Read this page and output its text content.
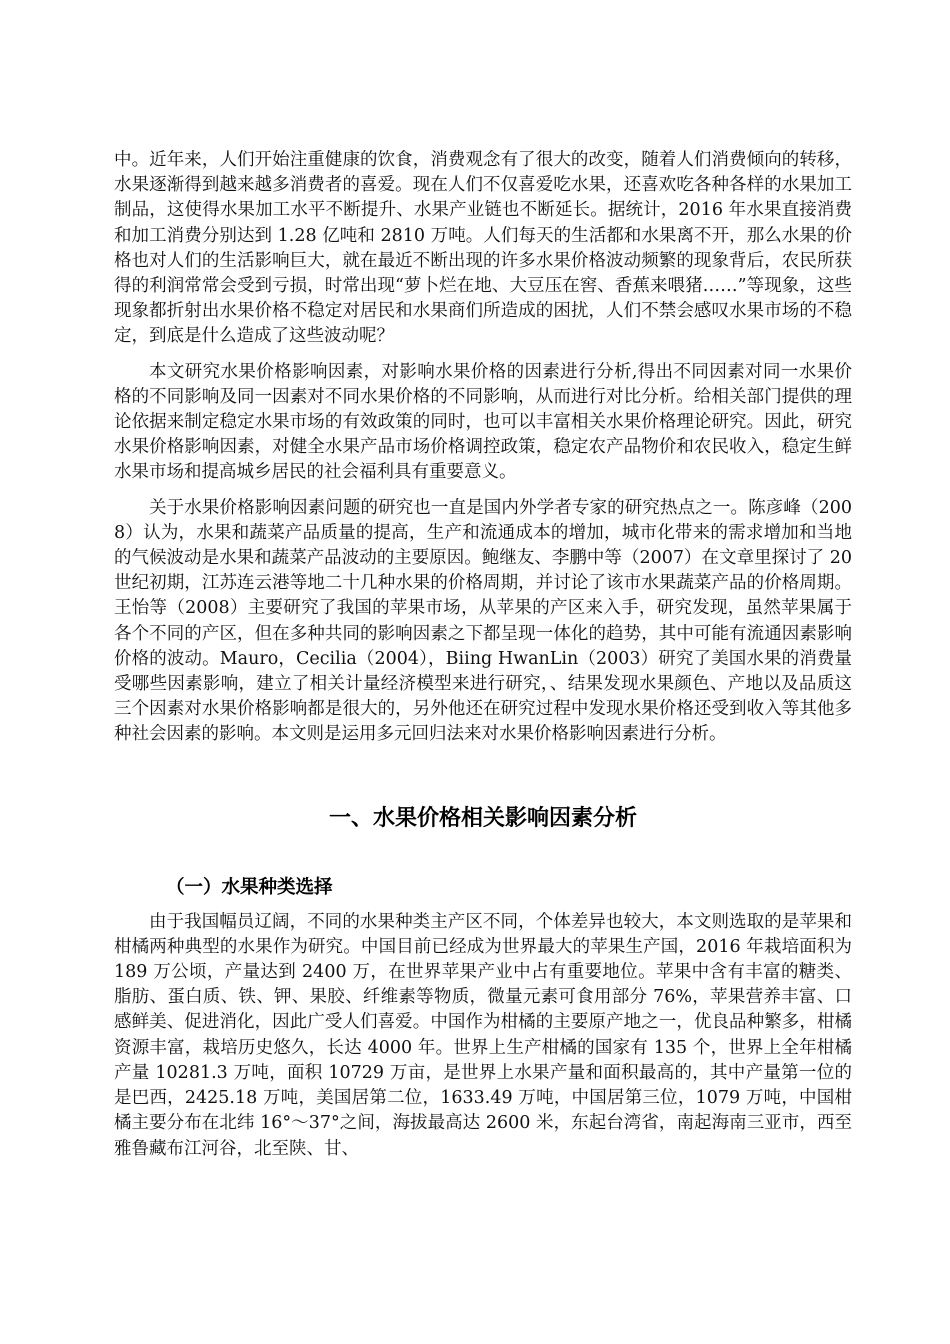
中。近年来，人们开始注重健康的饮食，消费观念有了很大的改变，随着人们消费倾向的转移，水果逐渐得到越来越多消费者的喜爱。现在人们不仅喜爱吃水果，还喜欢吃各种各样的水果加工制品，这使得水果加工水平不断提升、水果产业链也不断延长。据统计，2016 年水果直接消费和加工消费分别达到 1.28 亿吨和 2810 万吨。人们每天的生活都和水果离不开，那么水果的价格也对人们的生活影响巨大，就在最近不断出现的许多水果价格波动频繁的现象背后，农民所获得的利润常常会受到亏损，时常出现“萝卜烂在地、大豆压在窖、香蕉来喂猪……”等现象，这些现象都折射出水果价格不稳定对居民和水果商们所造成的困扰，人们不禁会感叹水果市场的不稳定，到底是什么造成了这些波动呢？

本文研究水果价格影响因素，对影响水果价格的因素进行分析,得出不同因素对同一水果价格的不同影响及同一因素对不同水果价格的不同影响，从而进行对比分析。给相关部门提供的理论依据来制定稳定水果市场的有效政策的同时，也可以丰富相关水果价格理论研究。因此，研究水果价格影响因素，对健全水果产品市场价格调控政策，稳定农产品物价和农民收入，稳定生鲜水果市场和提高城乡居民的社会福利具有重要意义。

关于水果价格影响因素问题的研究也一直是国内外学者专家的研究热点之一。陈彦峰（2008）认为，水果和蔬菜产品质量的提高，生产和流通成本的增加，城市化带来的需求增加和当地的气候波动是水果和蔬菜产品波动的主要原因。鲍继友、李鹏中等（2007）在文章里探讨了 20 世纪初期，江苏连云港等地二十几种水果的价格周期，并讨论了该市水果蔬菜产品的价格周期。王怡等（2008）主要研究了我国的苹果市场，从苹果的产区来入手，研究发现，虽然苹果属于各个不同的产区，但在多种共同的影响因素之下都呈现一体化的趋势，其中可能有流通因素影响价格的波动。Mauro，Cecilia（2004），Biing HwanLin（2003）研究了美国水果的消费量受哪些因素影响，建立了相关计量经济模型来进行研究，、结果发现水果颜色、产地以及品质这三个因素对水果价格影响都是很大的，另外他还在研究过程中发现水果价格还受到收入等其他多种社会因素的影响。本文则是运用多元回归法来对水果价格影响因素进行分析。

一、水果价格相关影响因素分析
（一）水果种类选择

由于我国幅员辽阔，不同的水果种类主产区不同，个体差异也较大，本文则选取的是苹果和柑橘两种典型的水果作为研究。中国目前已经成为世界最大的苹果生产国，2016 年栽培面积为 189 万公顷，产量达到 2400 万，在世界苹果产业中占有重要地位。苹果中含有丰富的糖类、脂肪、蛋白质、铁、钾、果胶、纤维素等物质，微量元素可食用部分 76%，苹果营养丰富、口感鲜美、促进消化，因此广受人们喜爱。中国作为柑橘的主要原产地之一，优良品种繁多，柑橘资源丰富，栽培历史悠久，长达 4000 年。世界上生产柑橘的国家有 135 个，世界上全年柑橘产量 10281.3 万吨，面积 10729 万亩，是世界上水果产量和面积最高的，其中产量第一位的是巴西，2425.18 万吨，美国居第二位，1633.49 万吨，中国居第三位，1079 万吨，中国柑橘主要分布在北纬 16°～37°之间，海拔最高达 2600 米，东起台湾省，南起海南三亚市，西至雅鲁藏布江河谷，北至陕、甘、
